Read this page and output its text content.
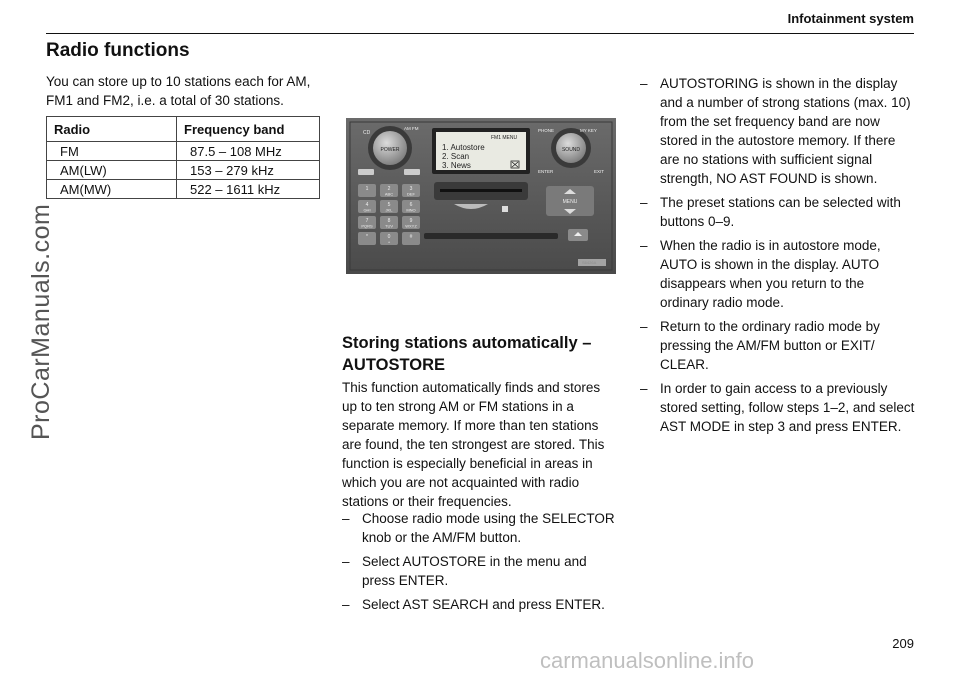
Infotainment system
ProCarManuals.com
Radio functions

You can store up to 10 stations each for AM, FM1 and FM2, i.e. a total of 30 stations.

Radio	Frequency band
FM	87.5 – 108 MHz
AM(LW)	153 – 279 kHz
AM(MW)	522 – 1611 kHz
POWER
CD
AM FM
FM1 MENU
1. Autostore
2. Scan
3. News
SOUND
PHONE	MY KEY
ENTER	EXIT
1	2
ABC
3
DEF
4
GHI
5
JKL
6
MNO
7
PQRS
8
TUV
9
WXYZ
*	0
+
#
MENU
Storing stations automatically – AUTOSTORE

This function automatically finds and stores up to ten strong AM or FM stations in a separate memory. If more than ten stations are found, the ten strongest are stored. This function is especially beneficial in areas in which you are not acquainted with radio stations or their frequencies.

– Choose radio mode using the SELECTOR knob or the AM/FM button.
– Select AUTOSTORE in the menu and press ENTER.
– Select AST SEARCH and press ENTER.
– AUTOSTORING is shown in the display and a number of strong stations (max. 10) from the set frequency band are now stored in the autostore memory. If there are no stations with sufficient signal strength, NO AST FOUND is shown.
– The preset stations can be selected with buttons 0–9.
– When the radio is in autostore mode, AUTO is shown in the display. AUTO disappears when you return to the ordinary radio mode.
– Return to the ordinary radio mode by pressing the AM/FM button or EXIT/ CLEAR.
– In order to gain access to a previously stored setting, follow steps 1–2, and select AST MODE in step 3 and press ENTER.
209
carmanualsonline.info
